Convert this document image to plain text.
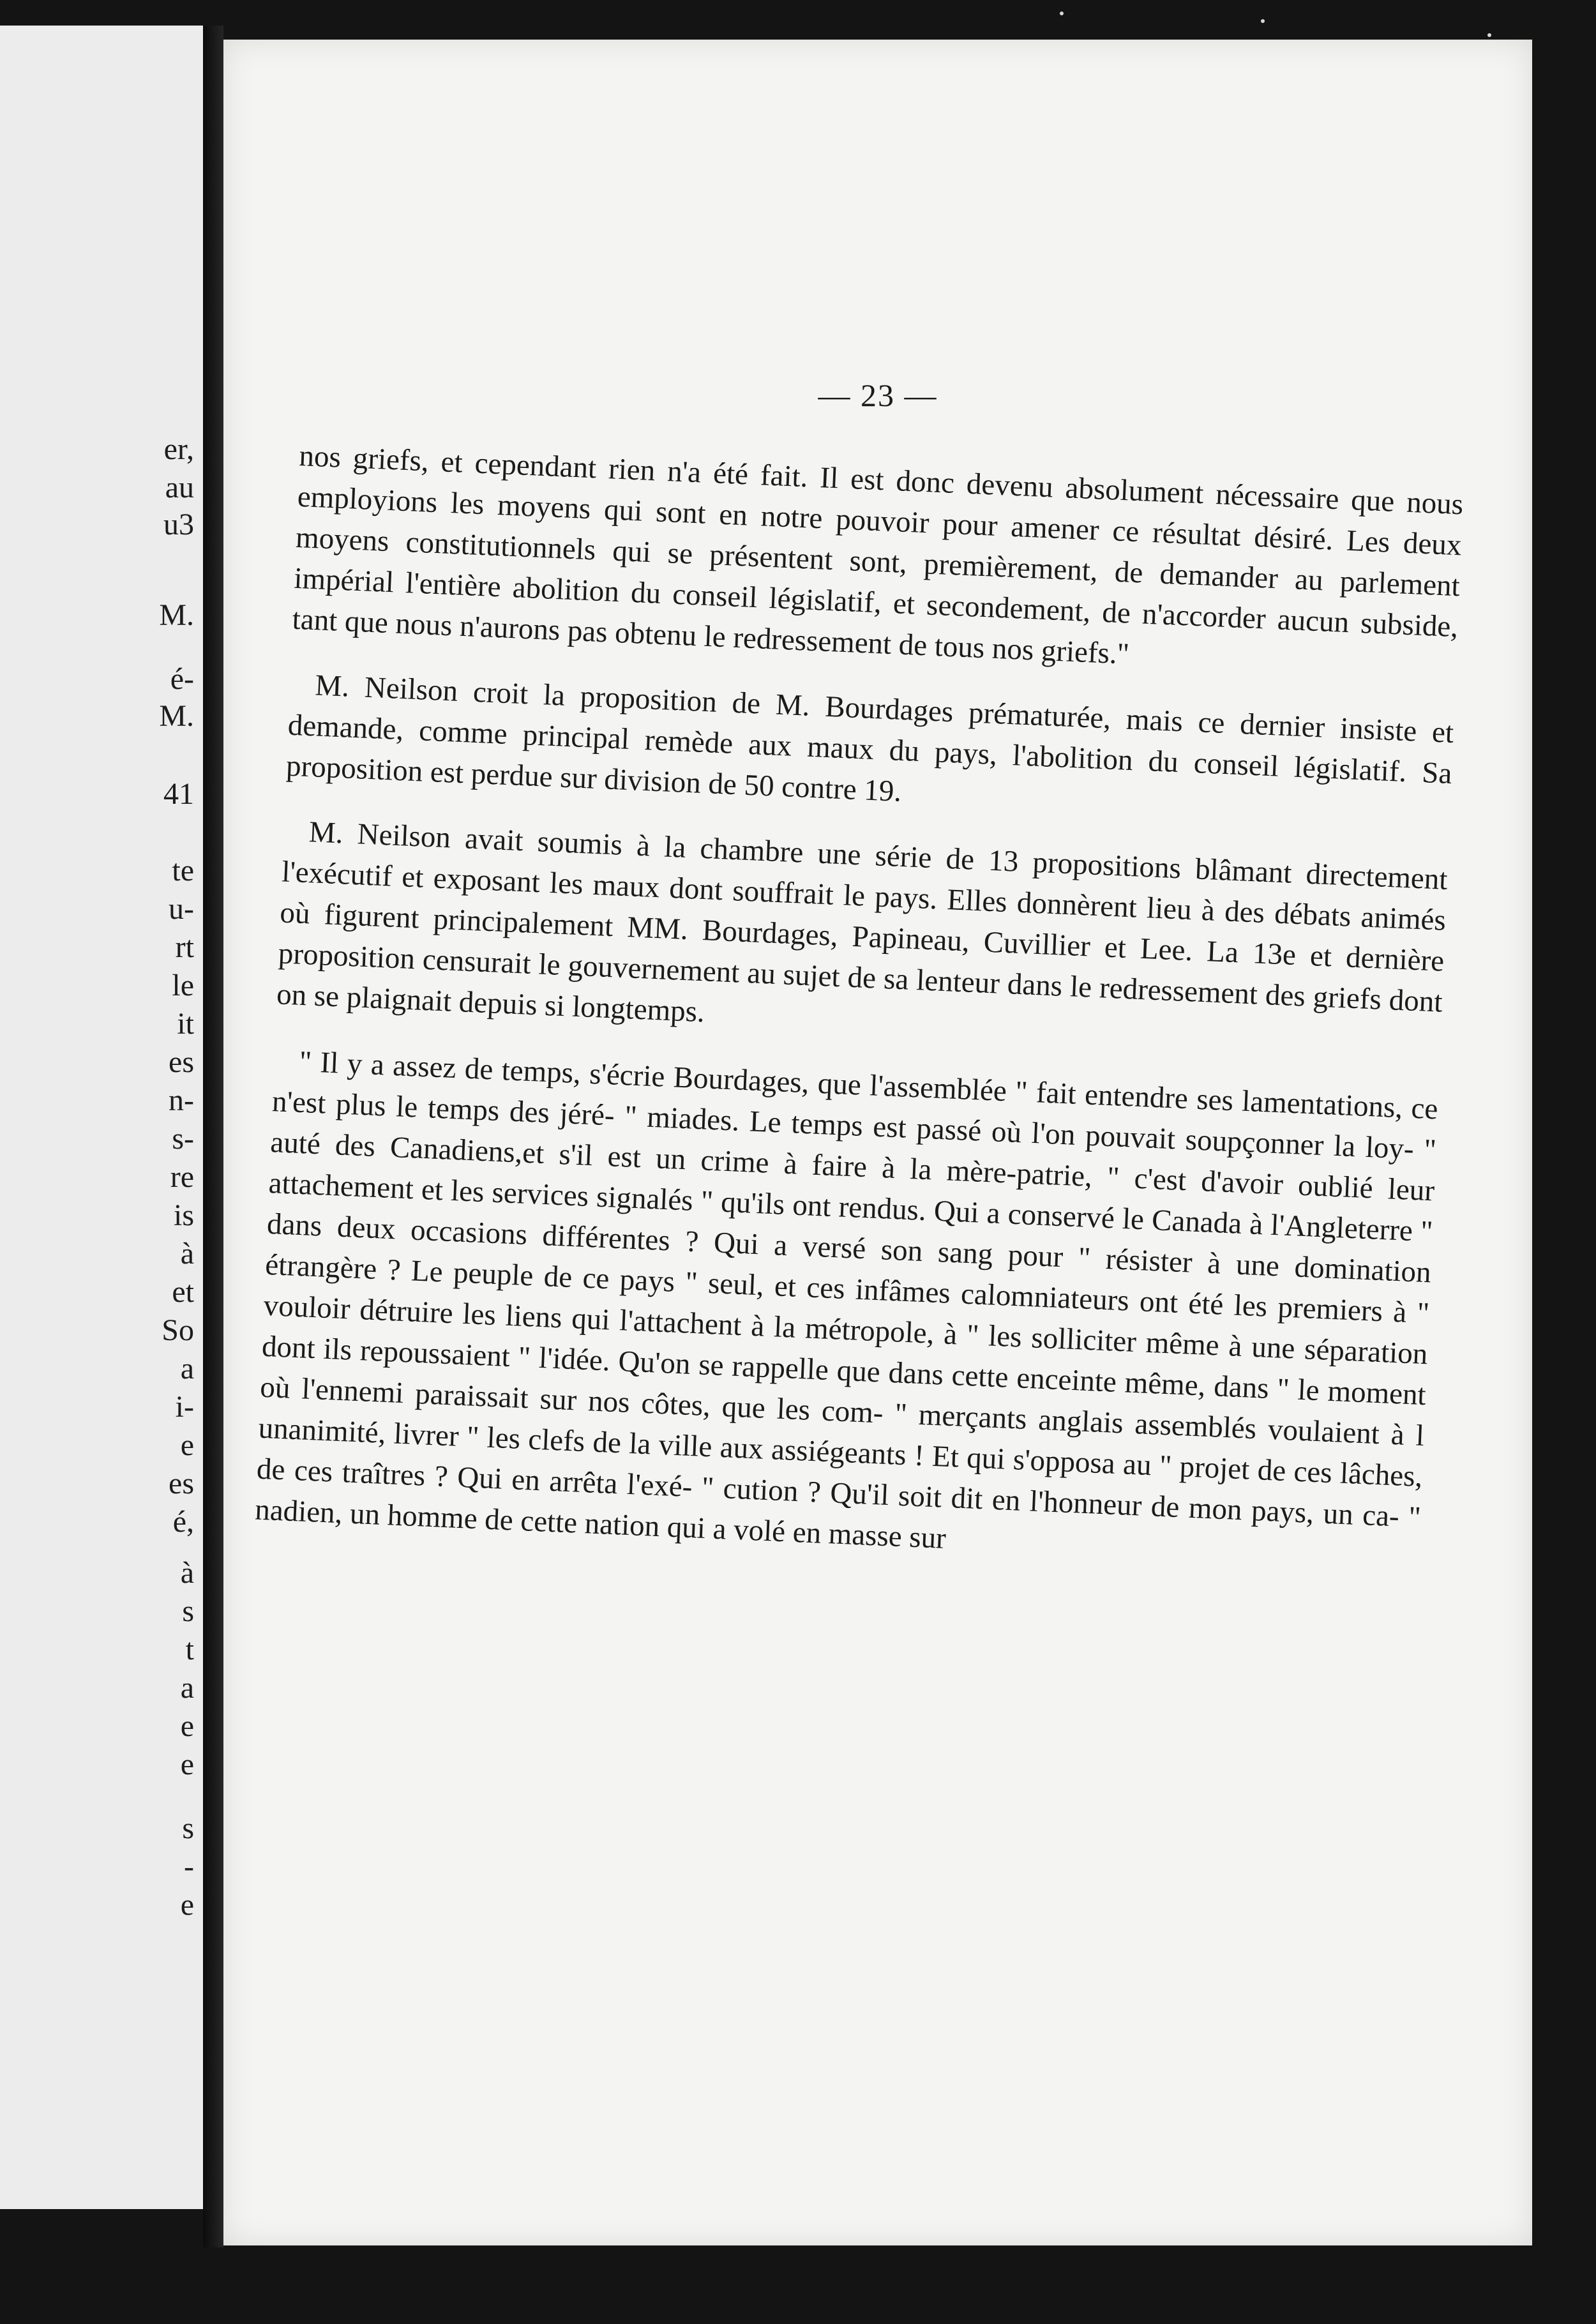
er,
au
u3
M.
é-
M.
41
te
u-
rt
le
it
es
n-
s-
re
is
à
et
So
a
i-
e
es
é,
à
s
t
a
e
e
s
-
e
— 23 —

nos griefs, et cependant rien n'a été fait. Il est donc devenu absolument nécessaire que nous employions les moyens qui sont en notre pouvoir pour amener ce résultat désiré. Les deux moyens constitutionnels qui se présentent sont, premièrement, de demander au parlement impérial l'entière abolition du conseil législatif, et secondement, de n'accorder aucun subside, tant que nous n'aurons pas obtenu le redressement de tous nos griefs."

M. Neilson croit la proposition de M. Bourdages prématurée, mais ce dernier insiste et demande, comme principal remède aux maux du pays, l'abolition du conseil législatif. Sa proposition est perdue sur division de 50 contre 19.

M. Neilson avait soumis à la chambre une série de 13 propositions blâmant directement l'exécutif et exposant les maux dont souffrait le pays. Elles donnèrent lieu à des débats animés où figurent principalement MM. Bourdages, Papineau, Cuvillier et Lee. La 13e et dernière proposition censurait le gouvernement au sujet de sa lenteur dans le redressement des griefs dont on se plaignait depuis si longtemps.

" Il y a assez de temps, s'écrie Bourdages, que l'assemblée " fait entendre ses lamentations, ce n'est plus le temps des jéré- " miades. Le temps est passé où l'on pouvait soupçonner la loy- " auté des Canadiens,et s'il est un crime à faire à la mère-patrie, " c'est d'avoir oublié leur attachement et les services signalés " qu'ils ont rendus. Qui a conservé le Canada à l'Angleterre " dans deux occasions différentes ? Qui a versé son sang pour " résister à une domination étrangère ? Le peuple de ce pays " seul, et ces infâmes calomniateurs ont été les premiers à " vouloir détruire les liens qui l'attachent à la métropole, à " les solliciter même à une séparation dont ils repoussaient " l'idée. Qu'on se rappelle que dans cette enceinte même, dans " le moment où l'ennemi paraissait sur nos côtes, que les com- " merçants anglais assemblés voulaient à l unanimité, livrer " les clefs de la ville aux assiégeants ! Et qui s'opposa au " projet de ces lâches, de ces traîtres ? Qui en arrêta l'exé- " cution ? Qu'il soit dit en l'honneur de mon pays, un ca- " nadien, un homme de cette nation qui a volé en masse sur
